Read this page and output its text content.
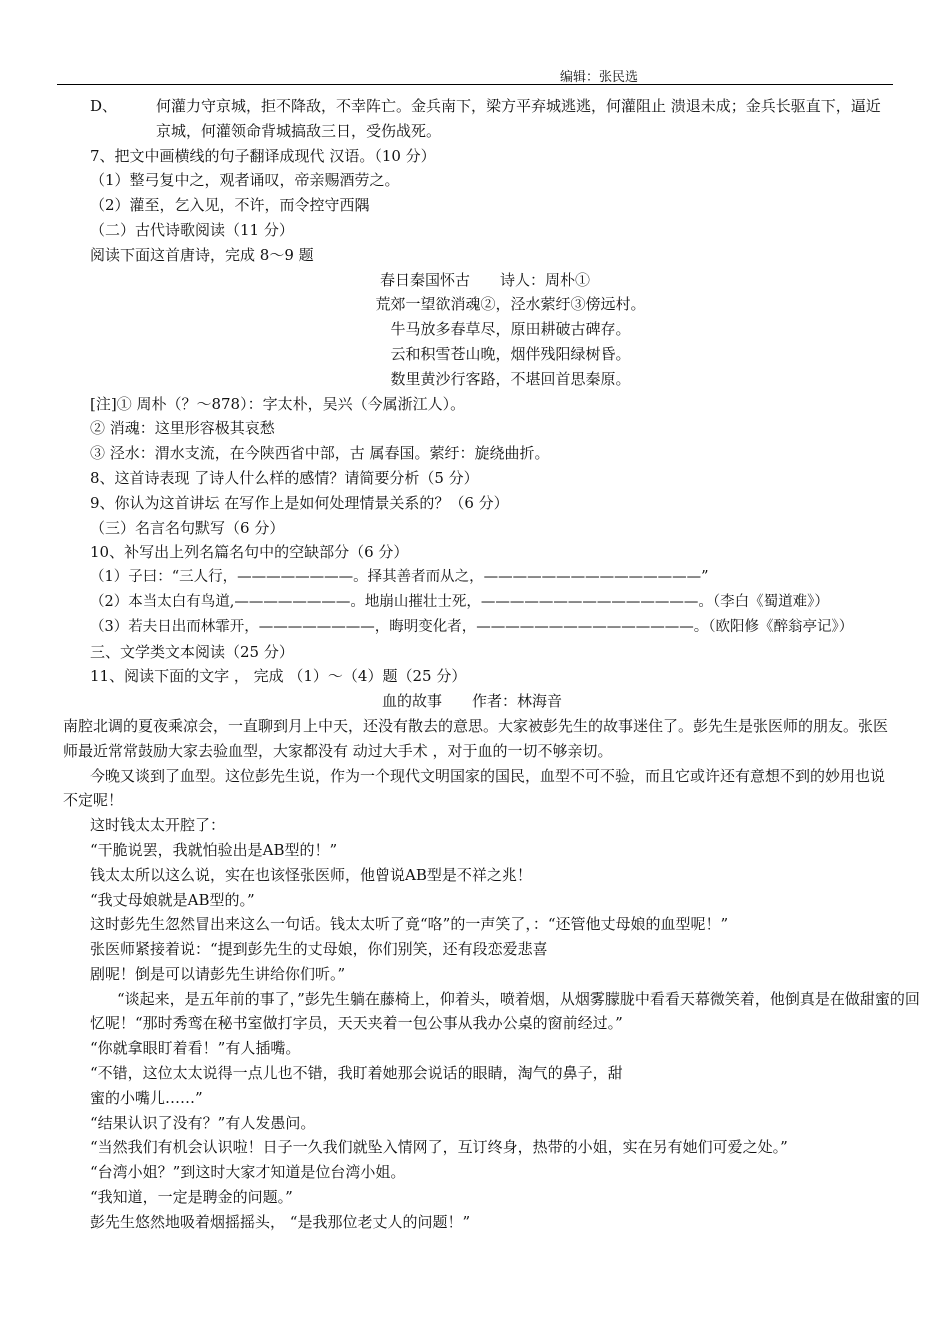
编辑：张民选
D、	何灌力守京城，拒不降敌，不幸阵亡。金兵南下，梁方平弃城逃逃，何灌阻止 溃退未成；金兵长驱直下，逼近京城，何灌领命背城搞敌三日，受伤战死。

7、把文中画横线的句子翻译成现代 汉语。（10 分）

（1）整弓复中之，观者诵叹，帝亲赐酒劳之。

（2）灌至，乞入见，不许，而令控守西隅

（二）古代诗歌阅读（11 分）

阅读下面这首唐诗，完成 8～9 题

春日秦国怀古　　诗人：周朴①

荒郊一望欲消魂②，泾水萦纡③傍远村。

牛马放多春草尽，原田耕破古碑存。

云和积雪苍山晚，烟伴残阳绿树昏。

数里黄沙行客路，不堪回首思秦原。

[注]① 周朴（？～878）：字太朴，吴兴（今属浙江人）。

② 消魂：这里形容极其哀愁

③ 泾水：渭水支流，在今陕西省中部，古 属春国。萦纡：旋绕曲折。

8、这首诗表现 了诗人什么样的感情？请简要分析（5 分）

9、你认为这首讲坛 在写作上是如何处理情景关系的？（6 分）

（三）名言名句默写（6 分）

10、补写出上列名篇名句中的空缺部分（6 分）

（1）子曰：“三人行，————————。择其善者而从之，———————————————”

（2）本当太白有鸟道,————————。地崩山摧壮士死，———————————————。（李白《蜀道难》）

（3）若夫日出而林霏开，————————，晦明变化者，———————————————。（欧阳修《醉翁亭记》）

三、文学类文本阅读（25 分）

11、阅读下面的文字 ， 完成 （1）～（4）题（25 分）

血的故事　　作者：林海音

南腔北调的夏夜乘凉会，一直聊到月上中天，还没有散去的意思。大家被彭先生的故事迷住了。彭先生是张医师的朋友。张医师最近常常鼓励大家去验血型，大家都没有 动过大手术 ，对于血的一切不够亲切。

今晚又谈到了血型。这位彭先生说，作为一个现代文明国家的国民，血型不可不验，而且它或许还有意想不到的妙用也说不定呢！

这时钱太太开腔了：

“干脆说罢，我就怕验出是AB型的！”

钱太太所以这么说，实在也该怪张医师，他曾说AB型是不祥之兆！

“我丈母娘就是AB型的。”

这时彭先生忽然冒出来这么一句话。钱太太听了竟“咯”的一声笑了，：“还管他丈母娘的血型呢！”

张医师紧接着说：“提到彭先生的丈母娘，你们别笑，还有段恋爱悲喜

剧呢！倒是可以请彭先生讲给你们听。”

“谈起来，是五年前的事了，”彭先生躺在藤椅上，仰着头，喷着烟，从烟雾朦胧中看看天幕微笑着，他倒真是在做甜蜜的回忆呢！“那时秀鸾在秘书室做打字员，天天夹着一包公事从我办公桌的窗前经过。”

“你就拿眼盯着看！”有人插嘴。

“不错，这位太太说得一点儿也不错，我盯着她那会说话的眼睛，淘气的鼻子，甜

蜜的小嘴儿……”

“结果认识了没有？”有人发愚问。

“当然我们有机会认识啦！日子一久我们就坠入情网了，互订终身，热带的小姐，实在另有她们可爱之处。”

“台湾小姐？”到这时大家才知道是位台湾小姐。

“我知道，一定是聘金的问题。”

彭先生悠然地吸着烟摇摇头， “是我那位老丈人的问题！”
